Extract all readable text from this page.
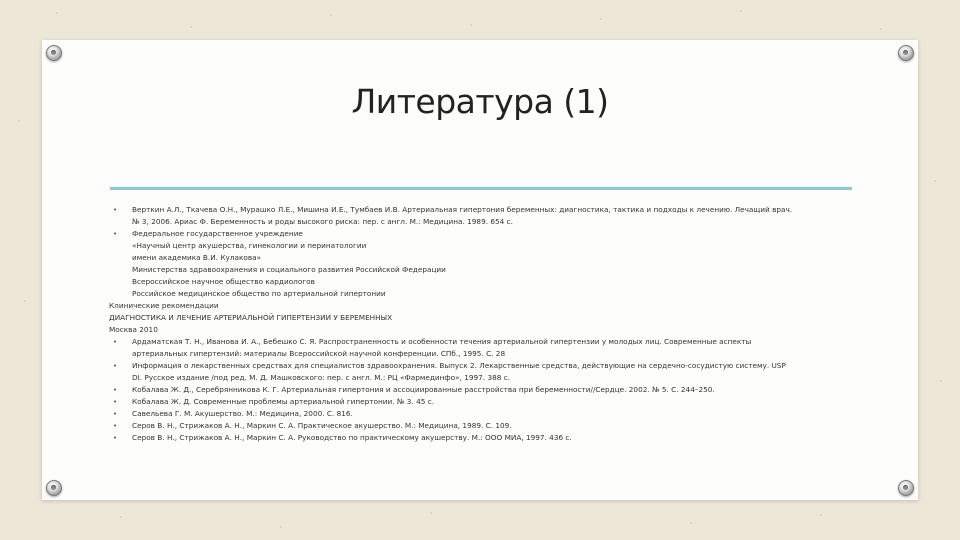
Литература (1)
• Верткин А.Л., Ткачева О.Н., Мурашко Л.Е., Мишина И.Е., Тумбаев И.В. Артериальная гипертония беременных: диагностика, тактика и подходы к лечению. Лечащий врач.
№ 3, 2006. Ариас Ф. Беременность и роды высокого риска: пер. с англ. М.: Медицина. 1989. 654 с.
• Федеральное государственное учреждение
«Научный центр акушерства, гинекологии и перинатологии
имени академика В.И. Кулакова»
Министерства здравоохранения и социального развития Российской Федерации
Всероссийское научное общество кардиологов
Российское медицинское общество по артериальной гипертонии
Клинические рекомендации
ДИАГНОСТИКА И ЛЕЧЕНИЕ АРТЕРИАЛЬНОЙ ГИПЕРТЕНЗИИ У БЕРЕМЕННЫХ
Москва 2010
• Ардаматская Т. Н., Иванова И. А., Бебешко С. Я. Распространенность и особенности течения артериальной гипертензии у молодых лиц. Современные аспекты
артериальных гипертензий: материалы Всероссийской научной конференции. СПб., 1995. С. 28
• Информация о лекарственных средствах для специалистов здравоохранения. Выпуск 2. Лекарственные средства, действующие на сердечно-сосудистую систему. USP
DI. Русское издание /под ред. М. Д. Машковского: пер. с англ. М.: РЦ «Фармединфо», 1997. 388 с.
• Кобалава Ж. Д., Серебрянникова К. Г. Артериальная гипертония и ассоциированные расстройства при беременности//Сердце. 2002. № 5. С. 244–250.
• Кобалава Ж. Д. Современные проблемы артериальной гипертонии. № 3. 45 с.
• Савельева Г. М. Акушерство. М.: Медицина, 2000. С. 816.
• Серов В. Н., Стрижаков А. Н., Маркин С. А. Практическое акушерство. М.: Медицина, 1989. С. 109.
• Серов В. Н., Стрижаков А. Н., Маркин С. А. Руководство по практическому акушерству. М.: ООО МИА, 1997. 436 с.
